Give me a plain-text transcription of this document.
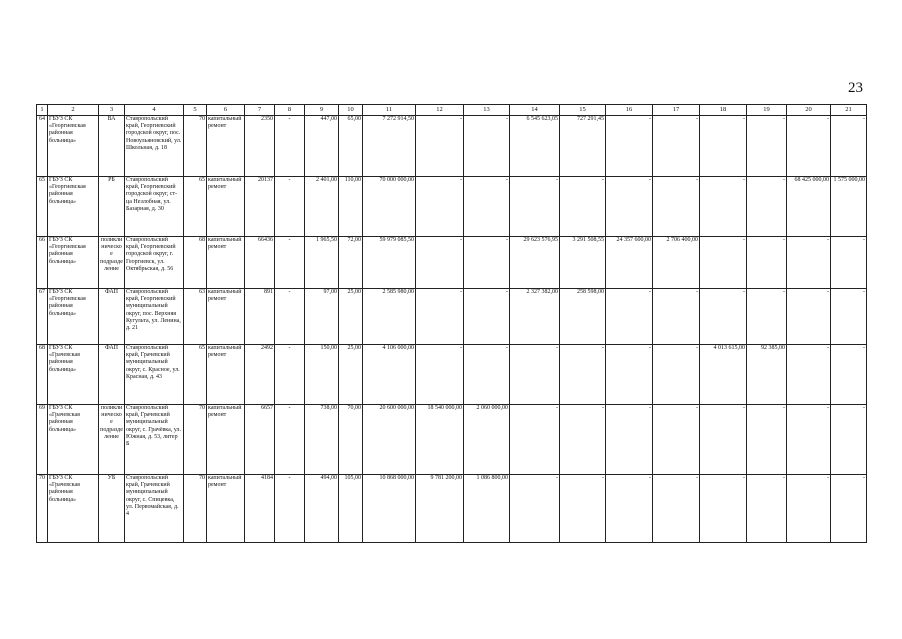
23
1	2	3	4	5	6	7	8	9	10	11	12	13	14	15	16	17	18	19	20	21
64	ГБУЗ СК «Георгиевская районная больница»	ВА	Ставропольский край, Георгиевский городской округ, пос. Новоульяновский, ул. Школьная, д. 18	70	капитальный ремонт	2350	-	447,00	65,00	7 272 914,50	-	-	6 545 623,05	727 291,45	-	-	-	-	-	-
65	ГБУЗ СК «Георгиевская районная больница»	РБ	Ставропольский край, Георгиевский городской округ, ст-ца Незлобная, ул. Базарная, д. 30	65	капитальный ремонт	20137	-	2 401,00	110,00	70 000 000,00	-	-	-	-	-	-	-	-	68 425 000,00	1 575 000,00
66	ГБУЗ СК «Георгиевская районная больница»	поликлиническое подразделение	Ставропольский край, Георгиевский городской округ, г. Георгиевск, ул. Октябрьская, д. 56	68	капитальный ремонт	66436	-	1 965,50	72,00	59 979 085,50	-	-	29 623 576,95	3 291 508,55	24 357 600,00	2 706 400,00	-	-	-	-
67	ГБУЗ СК «Георгиевская районная больница»	ФАП	Ставропольский край, Георгиевский муниципальный округ, пос. Верхняя Кугульта, ул. Ленина, д. 21	63	капитальный ремонт	891	-	97,00	25,00	2 585 980,00	-	-	2 327 382,00	258 598,00	-	-	-	-	-	-
68	ГБУЗ СК «Грачевская районная больница»	ФАП	Ставропольский край, Грачевский муниципальный округ, с. Красное, ул. Красная, д. 43	65	капитальный ремонт	2492	-	150,00	25,00	4 106 000,00	-	-	-	-	-	-	4 013 615,00	92 385,00	-	-
69	ГБУЗ СК «Грачевская районная больница»	поликлиническое подразделение	Ставропольский край, Грачевский муниципальный округ, с. Грачёвка, ул. Южная, д. 53, литер Б	70	капитальный ремонт	6657	-	738,00	70,00	20 600 000,00	18 540 000,00	2 060 000,00	-	-	-	-	-	-	-	-
70	ГБУЗ СК «Грачевская районная больница»	УБ	Ставропольский край, Грачевский муниципальный округ, с. Спицевка, ул. Первомайская, д. 4	70	капитальный ремонт	4184	-	494,00	105,00	10 868 000,00	9 781 200,00	1 086 800,00	-	-	-	-	-	-	-	-
